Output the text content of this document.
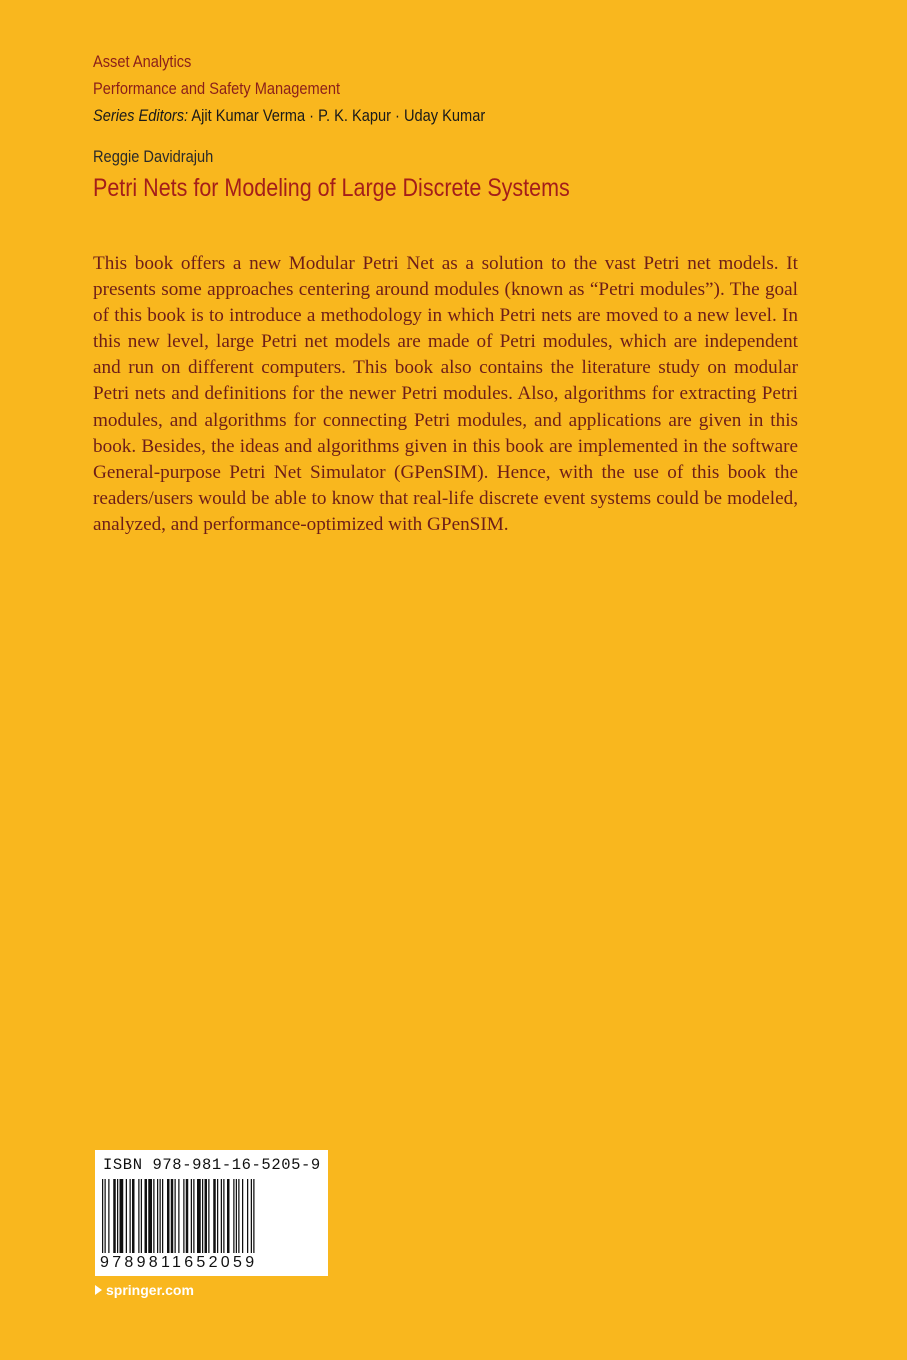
Asset Analytics
Performance and Safety Management
Series Editors: Ajit Kumar Verma · P. K. Kapur · Uday Kumar
Reggie Davidrajuh
Petri Nets for Modeling of Large Discrete Systems
This book offers a new Modular Petri Net as a solution to the vast Petri net models. It presents some approaches centering around modules (known as “Petri modules”). The goal of this book is to introduce a methodology in which Petri nets are moved to a new level. In this new level, large Petri net models are made of Petri modules, which are independent and run on different computers. This book also contains the literature study on modular Petri nets and definitions for the newer Petri modules. Also, algorithms for extracting Petri modules, and algorithms for connecting Petri modules, and applications are given in this book. Besides, the ideas and algorithms given in this book are implemented in the software General-purpose Petri Net Simulator (GPenSIM). Hence, with the use of this book the readers/users would be able to know that real-life discrete event systems could be modeled, analyzed, and performance-optimized with GPenSIM.
ISBN 978-981-16-5205-9
9789811652059
springer.com
